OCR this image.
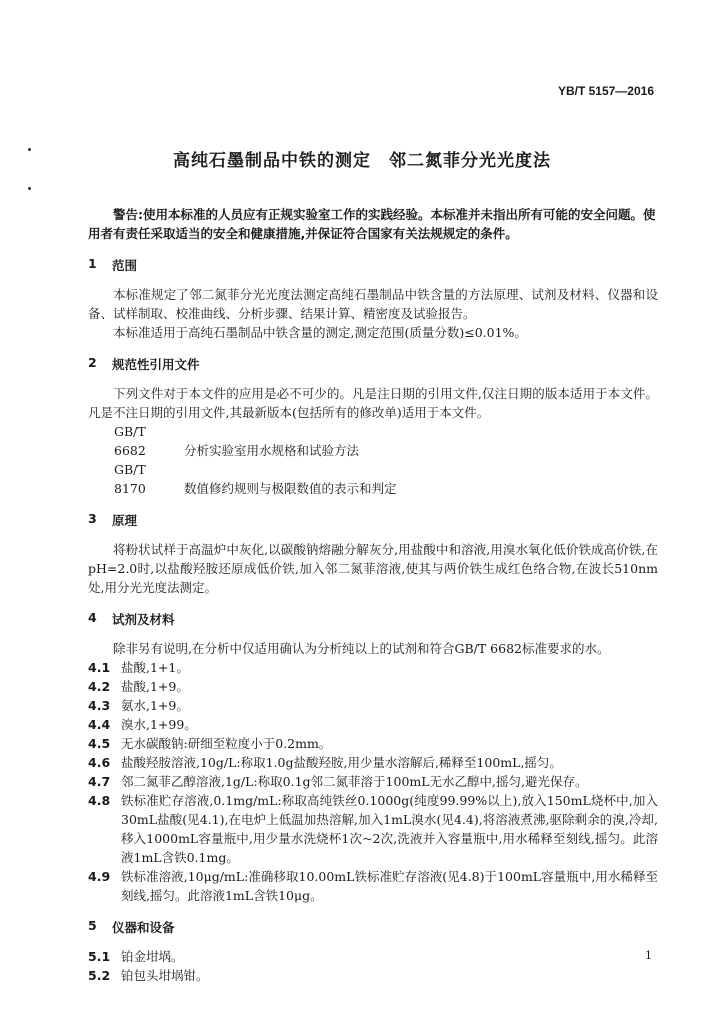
YB/T 5157—2016
高纯石墨制品中铁的测定　邻二氮菲分光光度法

警告:使用本标准的人员应有正规实验室工作的实践经验。本标准并未指出所有可能的安全问题。使用者有责任采取适当的安全和健康措施,并保证符合国家有关法规规定的条件。

1	范围

本标准规定了邻二氮菲分光光度法测定高纯石墨制品中铁含量的方法原理、试剂及材料、仪器和设备、试样制取、校准曲线、分析步骤、结果计算、精密度及试验报告。

本标准适用于高纯石墨制品中铁含量的测定,测定范围(质量分数)≤0.01%。

2	规范性引用文件

下列文件对于本文件的应用是必不可少的。凡是注日期的引用文件,仅注日期的版本适用于本文件。凡是不注日期的引用文件,其最新版本(包括所有的修改单)适用于本文件。

GB/T 6682	分析实验室用水规格和试验方法
GB/T 8170	数值修约规则与极限数值的表示和判定
3	原理

将粉状试样于高温炉中灰化,以碳酸钠熔融分解灰分,用盐酸中和溶液,用溴水氧化低价铁成高价铁,在pH=2.0时,以盐酸羟胺还原成低价铁,加入邻二氮菲溶液,使其与两价铁生成红色络合物,在波长510nm处,用分光光度法测定。

4	试剂及材料

除非另有说明,在分析中仅适用确认为分析纯以上的试剂和符合GB/T 6682标准要求的水。

4.1 盐酸,1+1。
4.2 盐酸,1+9。
4.3 氨水,1+9。
4.4 溴水,1+99。
4.5 无水碳酸钠:研细至粒度小于0.2mm。
4.6 盐酸羟胺溶液,10g/L:称取1.0g盐酸羟胺,用少量水溶解后,稀释至100mL,摇匀。
4.7 邻二氮菲乙醇溶液,1g/L:称取0.1g邻二氮菲溶于100mL无水乙醇中,摇匀,避光保存。
4.8 铁标准贮存溶液,0.1mg/mL:称取高纯铁丝0.1000g(纯度99.99%以上),放入150mL烧杯中,加入30mL盐酸(见4.1),在电炉上低温加热溶解,加入1mL溴水(见4.4),将溶液煮沸,驱除剩余的溴,冷却,移入1000mL容量瓶中,用少量水洗烧杯1次~2次,洗液并入容量瓶中,用水稀释至刻线,摇匀。此溶液1mL含铁0.1mg。
4.9 铁标准溶液,10μg/mL:准确移取10.00mL铁标准贮存溶液(见4.8)于100mL容量瓶中,用水稀释至刻线,摇匀。此溶液1mL含铁10μg。
5	仪器和设备
5.1 铂金坩埚。
5.2 铂包头坩埚钳。
1
